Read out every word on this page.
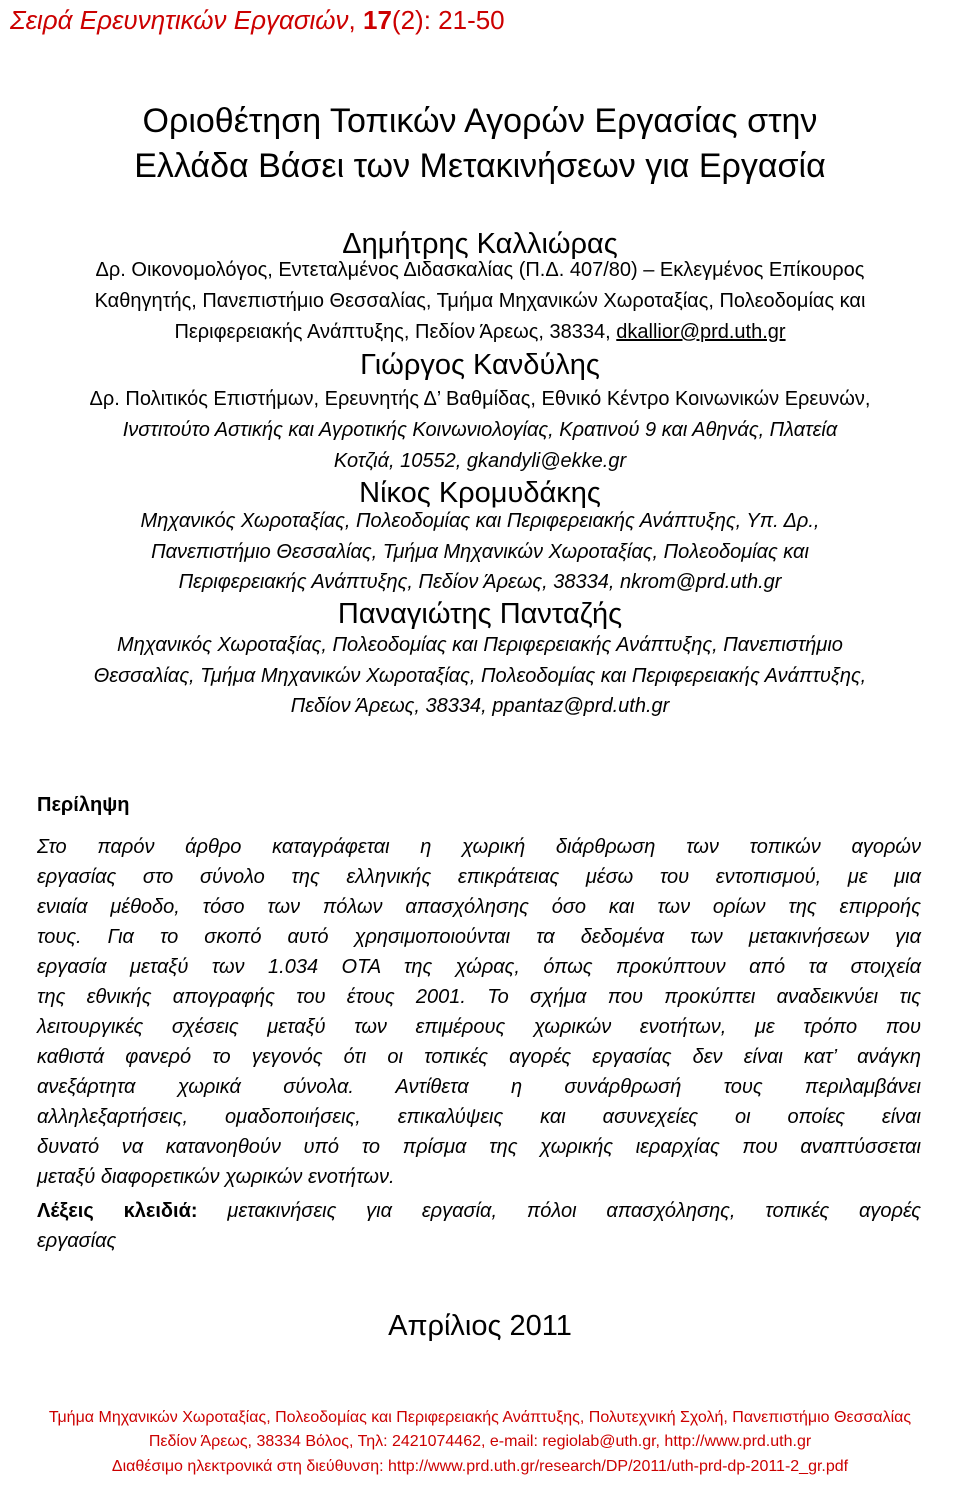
Σειρά Ερευνητικών Εργασιών, 17(2): 21-50
Οριοθέτηση Τοπικών Αγορών Εργασίας στην
Ελλάδα Βάσει των Μετακινήσεων για Εργασία
Δημήτρης Καλλιώρας
Δρ. Οικονομολόγος, Εντεταλμένος Διδασκαλίας (Π.Δ. 407/80) – Εκλεγμένος Επίκουρος
Καθηγητής, Πανεπιστήμιο Θεσσαλίας, Τμήμα Μηχανικών Χωροταξίας, Πολεοδομίας και
Περιφερειακής Ανάπτυξης, Πεδίον Άρεως, 38334, dkallior@prd.uth.gr
Γιώργος Κανδύλης
Δρ. Πολιτικός Επιστήμων, Ερευνητής Δ’ Βαθμίδας, Εθνικό Κέντρο Κοινωνικών Ερευνών,
Ινστιτούτο Αστικής και Αγροτικής Κοινωνιολογίας, Κρατινού 9 και Αθηνάς, Πλατεία
Κοτζιά, 10552, gkandyli@ekke.gr
Νίκος Κρομυδάκης
Μηχανικός Χωροταξίας, Πολεοδομίας και Περιφερειακής Ανάπτυξης, Υπ. Δρ.,
Πανεπιστήμιο Θεσσαλίας, Τμήμα Μηχανικών Χωροταξίας, Πολεοδομίας και
Περιφερειακής Ανάπτυξης, Πεδίον Άρεως, 38334, nkrom@prd.uth.gr
Παναγιώτης Πανταζής
Μηχανικός Χωροταξίας, Πολεοδομίας και Περιφερειακής Ανάπτυξης, Πανεπιστήμιο
Θεσσαλίας, Τμήμα Μηχανικών Χωροταξίας, Πολεοδομίας και Περιφερειακής Ανάπτυξης,
Πεδίον Άρεως, 38334, ppantaz@prd.uth.gr
Περίληψη
Στο παρόν άρθρο καταγράφεται η χωρική διάρθρωση των τοπικών αγορών
εργασίας στο σύνολο της ελληνικής επικράτειας μέσω του εντοπισμού, με μια
ενιαία μέθοδο, τόσο των πόλων απασχόλησης όσο και των ορίων της επιρροής
τους. Για το σκοπό αυτό χρησιμοποιούνται τα δεδομένα των μετακινήσεων για
εργασία μεταξύ των 1.034 ΟΤΑ της χώρας, όπως προκύπτουν από τα στοιχεία
της εθνικής απογραφής του έτους 2001. Το σχήμα που προκύπτει αναδεικνύει τις
λειτουργικές σχέσεις μεταξύ των επιμέρους χωρικών ενοτήτων, με τρόπο που
καθιστά φανερό το γεγονός ότι οι τοπικές αγορές εργασίας δεν είναι κατ’ ανάγκη
ανεξάρτητα χωρικά σύνολα. Αντίθετα η συνάρθρωσή τους περιλαμβάνει
αλληλεξαρτήσεις, ομαδοποιήσεις, επικαλύψεις και ασυνεχείες οι οποίες είναι
δυνατό να κατανοηθούν υπό το πρίσμα της χωρικής ιεραρχίας που αναπτύσσεται
μεταξύ διαφορετικών χωρικών ενοτήτων.
Λέξεις κλειδιά: μετακινήσεις για εργασία, πόλοι απασχόλησης, τοπικές αγορές
εργασίας
Απρίλιος 2011
Τμήμα Μηχανικών Χωροταξίας, Πολεοδομίας και Περιφερειακής Ανάπτυξης, Πολυτεχνική Σχολή, Πανεπιστήμιο Θεσσαλίας
Πεδίον Άρεως, 38334 Βόλος, Τηλ: 2421074462, e-mail: regiolab@uth.gr, http://www.prd.uth.gr
Διαθέσιμο ηλεκτρονικά στη διεύθυνση: http://www.prd.uth.gr/research/DP/2011/uth-prd-dp-2011-2_gr.pdf
